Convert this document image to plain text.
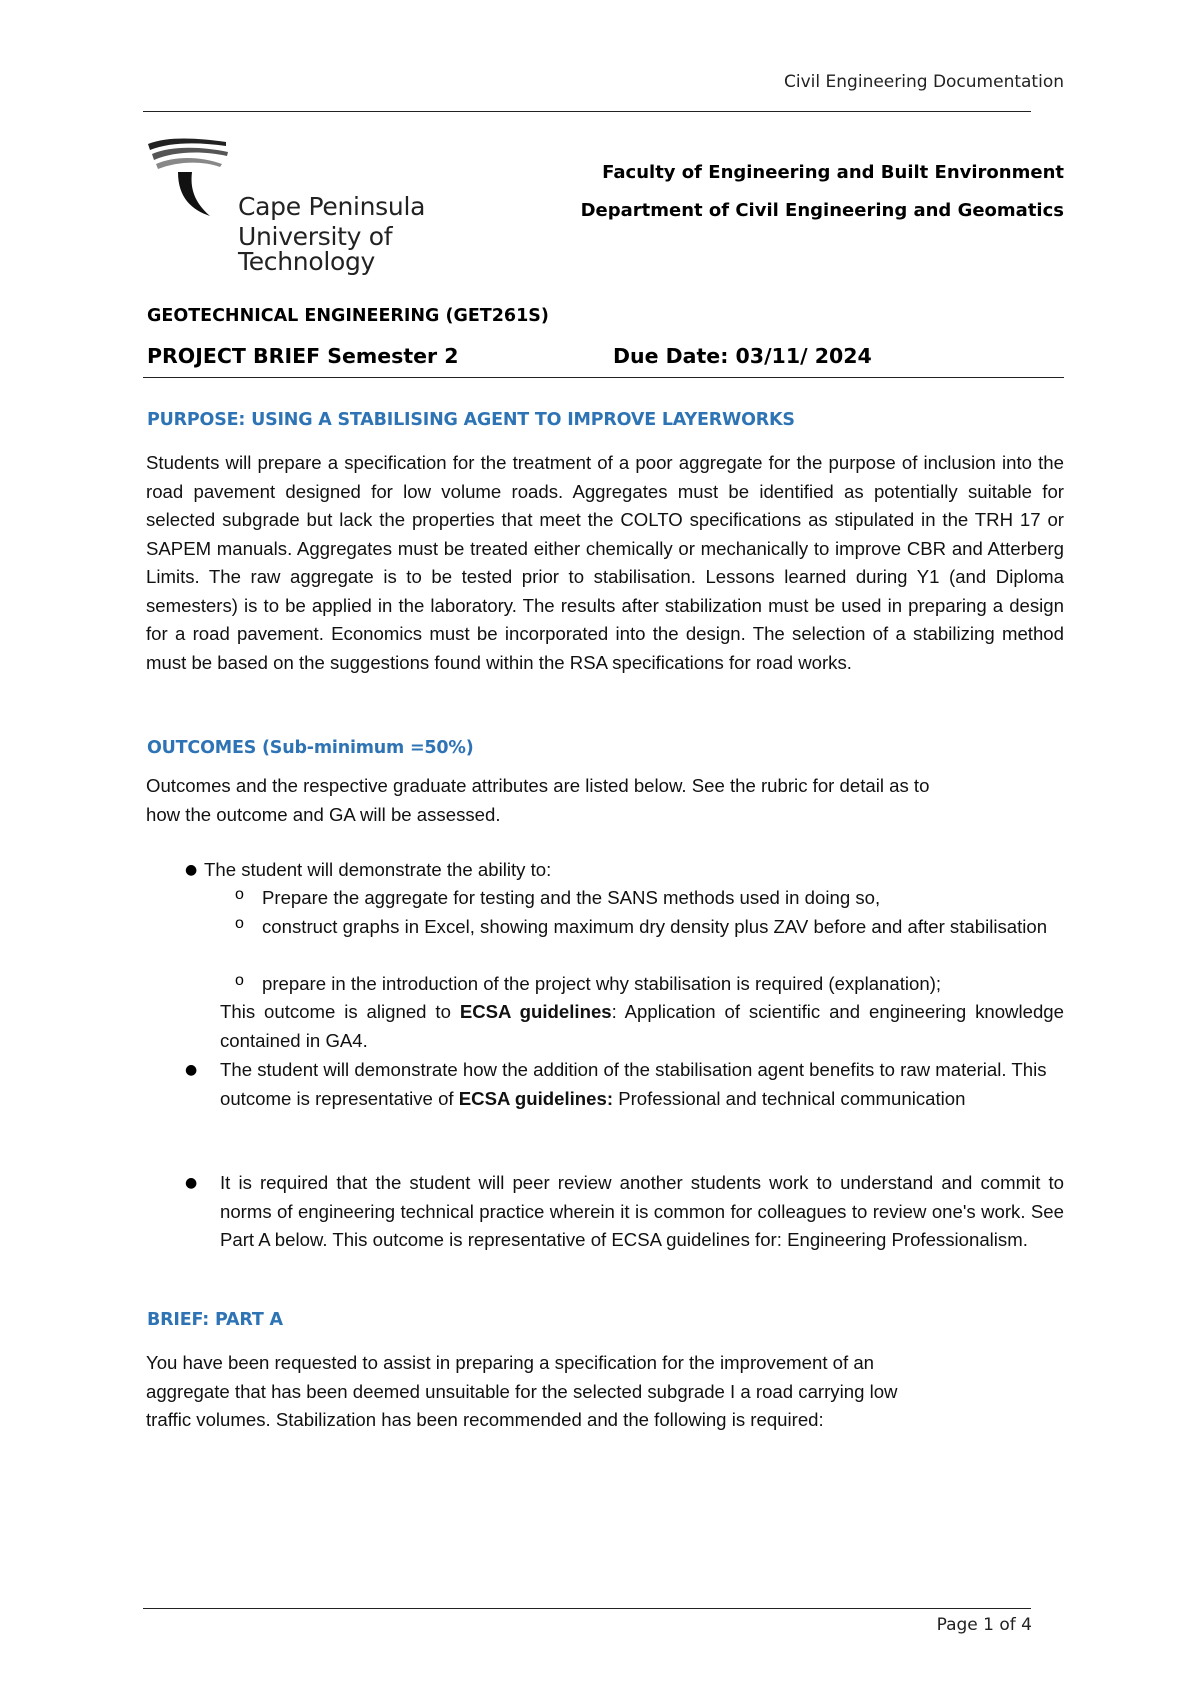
Civil Engineering Documentation
Cape Peninsula
University of Technology
Faculty of Engineering and Built Environment
Department of Civil Engineering and Geomatics
GEOTECHNICAL ENGINEERING (GET261S)
PROJECT BRIEF Semester 2	Due Date: 03/11/ 2024
PURPOSE: USING A STABILISING AGENT TO IMPROVE LAYERWORKS
Students will prepare a specification for the treatment of a poor aggregate for the purpose of inclusion into the road pavement designed for low volume roads. Aggregates must be identified as potentially suitable for selected subgrade but lack the properties that meet the COLTO specifications as stipulated in the TRH 17 or SAPEM manuals. Aggregates must be treated either chemically or mechanically to improve CBR and Atterberg Limits. The raw aggregate is to be tested prior to stabilisation. Lessons learned during Y1 (and Diploma semesters) is to be applied in the laboratory. The results after stabilization must be used in preparing a design for a road pavement. Economics must be incorporated into the design. The selection of a stabilizing method must be based on the suggestions found within the RSA specifications for road works.
OUTCOMES (Sub-minimum =50%)
Outcomes and the respective graduate attributes are listed below. See the rubric for detail as to
how the outcome and GA will be assessed.
● The student will demonstrate the ability to:
o Prepare the aggregate for testing and the SANS methods used in doing so,
o construct graphs in Excel, showing maximum dry density plus ZAV before and after stabilisation
o prepare in the introduction of the project why stabilisation is required (explanation);
This outcome is aligned to ECSA guidelines: Application of scientific and engineering knowledge contained in GA4.
● The student will demonstrate how the addition of the stabilisation agent benefits to raw material. This outcome is representative of ECSA guidelines: Professional and technical communication
● It is required that the student will peer review another students work to understand and commit to norms of engineering technical practice wherein it is common for colleagues to review one's work. See Part A below. This outcome is representative of ECSA guidelines for: Engineering Professionalism.
BRIEF: PART A
You have been requested to assist in preparing a specification for the improvement of an
aggregate that has been deemed unsuitable for the selected subgrade I a road carrying low
traffic volumes. Stabilization has been recommended and the following is required:
Page 1 of 4
